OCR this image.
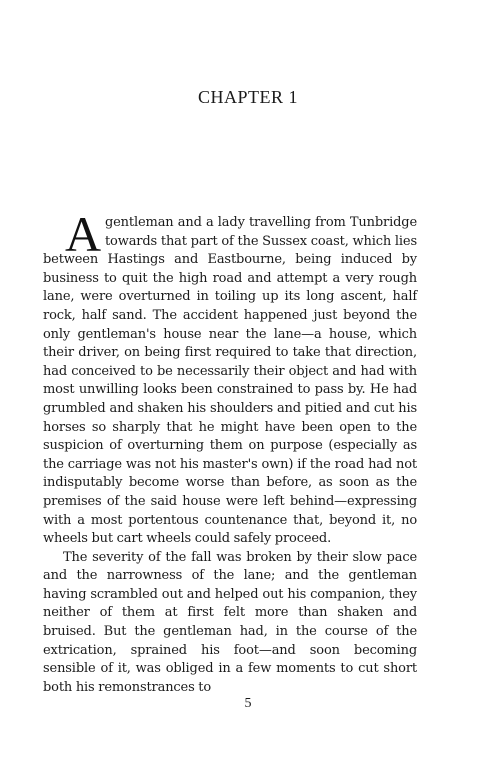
CHAPTER 1

A gentleman and a lady travelling from Tunbridge towards that part of the Sussex coast, which lies between Hastings and Eastbourne, being induced by business to quit the high road and attempt a very rough lane, were overturned in toiling up its long ascent, half rock, half sand. The accident happened just beyond the only gentleman's house near the lane—a house, which their driver, on being first required to take that direction, had conceived to be necessarily their object and had with most unwilling looks been constrained to pass by. He had grumbled and shaken his shoulders and pitied and cut his horses so sharply that he might have been open to the suspicion of overturning them on purpose (especially as the carriage was not his master's own) if the road had not indisputably become worse than before, as soon as the premises of the said house were left behind—expressing with a most portentous countenance that, beyond it, no wheels but cart wheels could safely proceed.

The severity of the fall was broken by their slow pace and the narrowness of the lane; and the gentleman having scrambled out and helped out his companion, they neither of them at first felt more than shaken and bruised. But the gentleman had, in the course of the extrication, sprained his foot—and soon becoming sensible of it, was obliged in a few moments to cut short both his remonstrances to

5
